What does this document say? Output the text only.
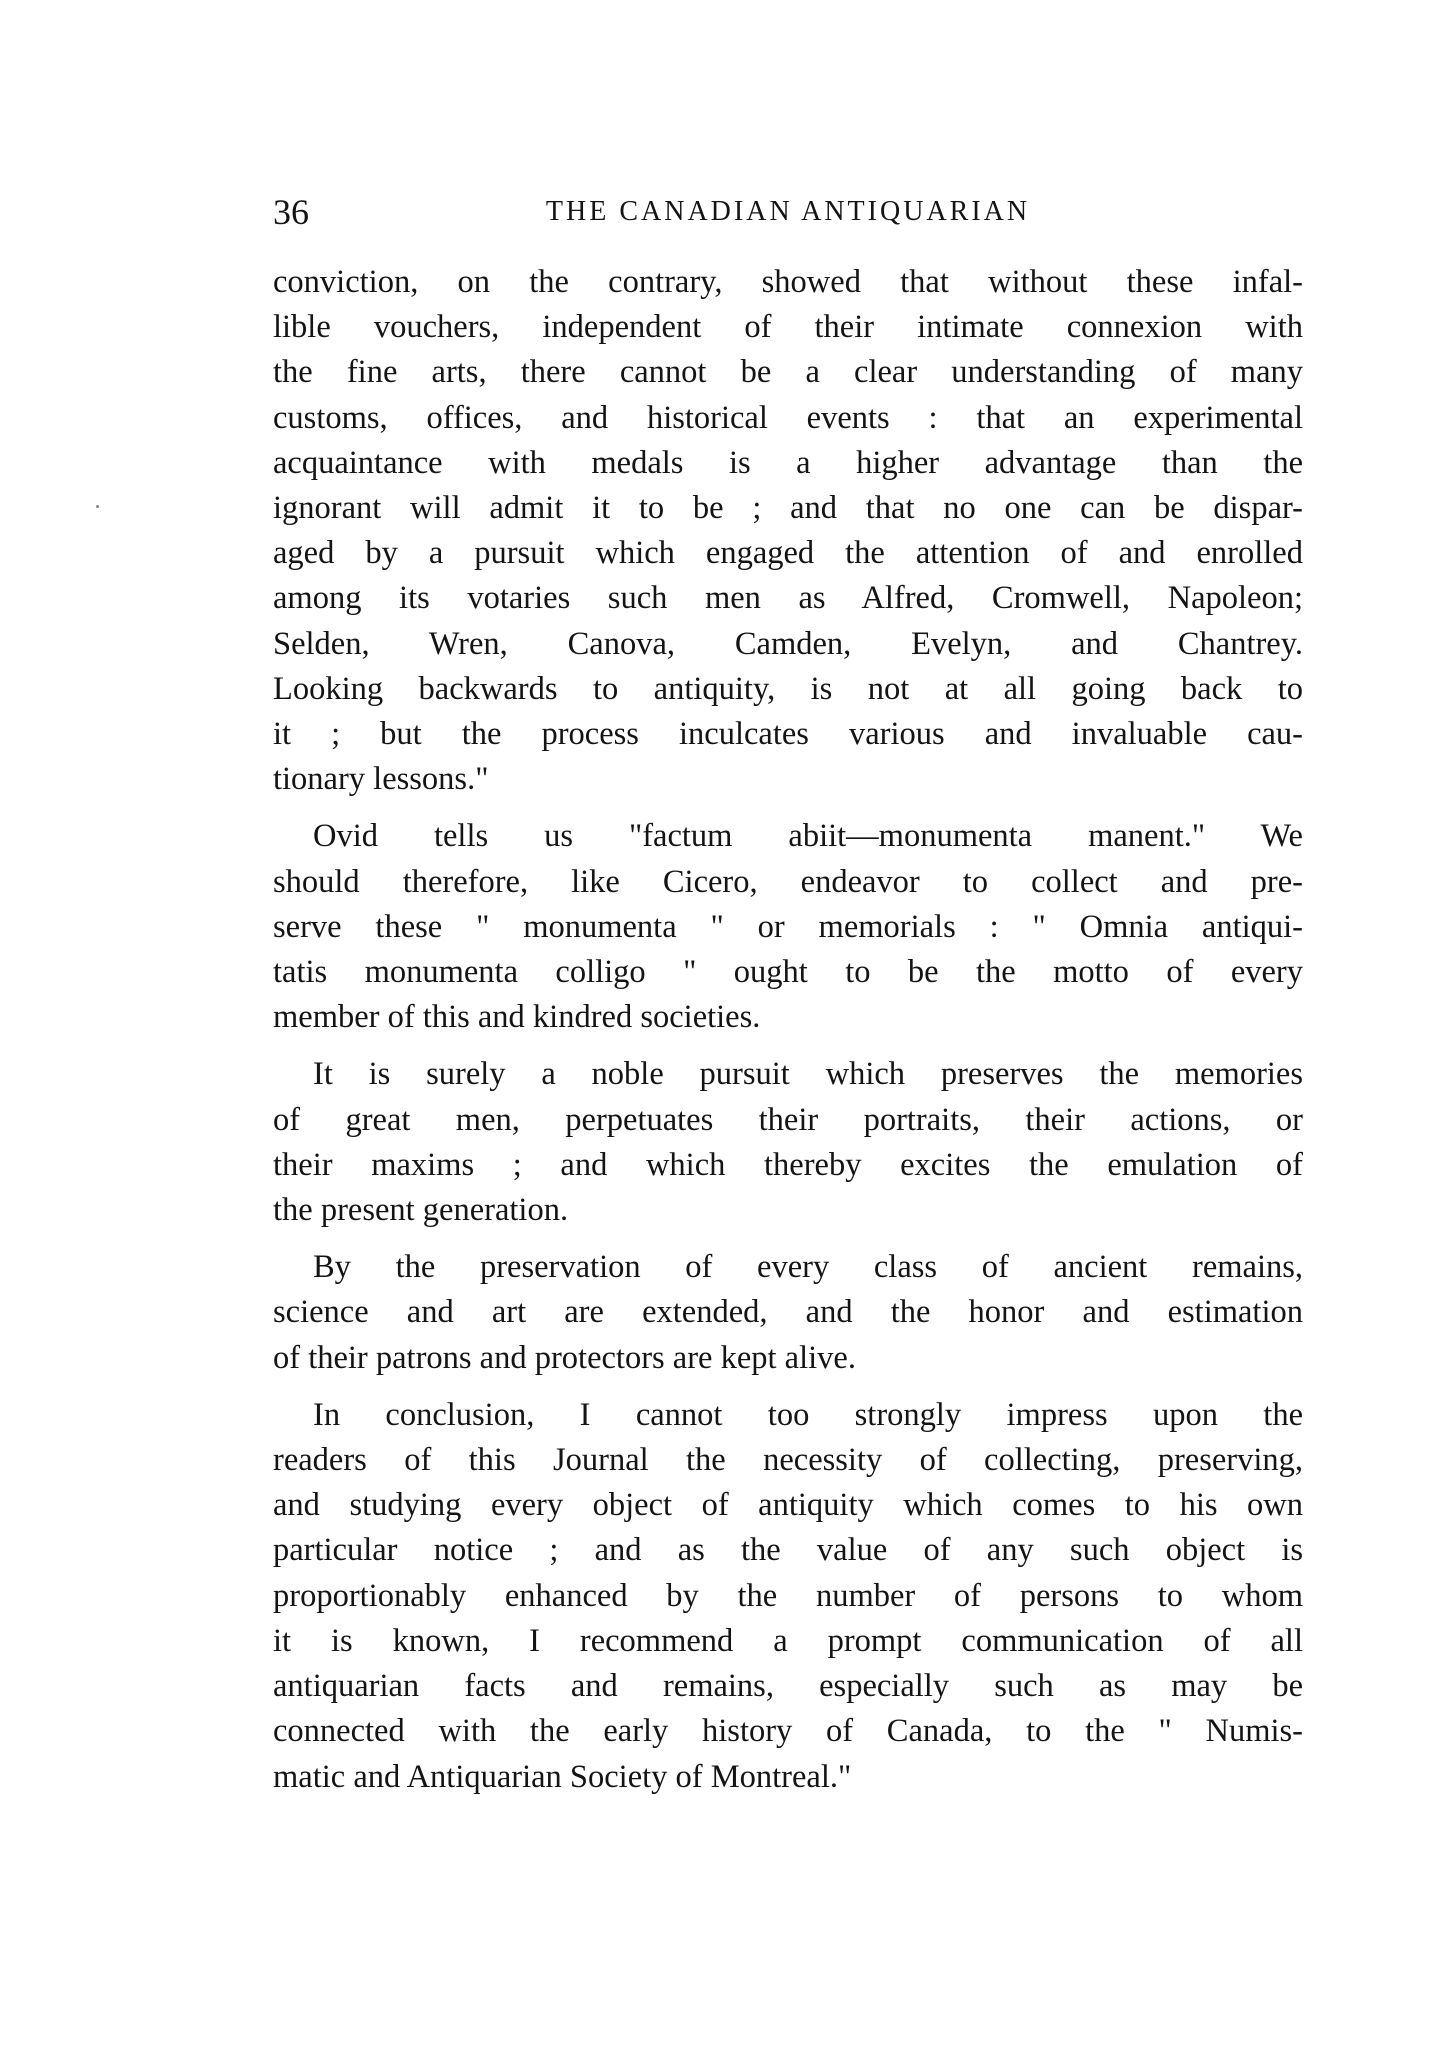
36	THE CANADIAN ANTIQUARIAN
conviction, on the contrary, showed that without these infal-
lible vouchers, independent of their intimate connexion with
the fine arts, there cannot be a clear understanding of many
customs, offices, and historical events : that an experimental
acquaintance with medals is a higher advantage than the
ignorant will admit it to be ; and that no one can be dispar-
aged by a pursuit which engaged the attention of and enrolled
among its votaries such men as Alfred, Cromwell, Napoleon;
Selden, Wren, Canova, Camden, Evelyn, and Chantrey.
Looking backwards to antiquity, is not at all going back to
it ; but the process inculcates various and invaluable cau-
tionary lessons."
Ovid tells us "factum abiit—monumenta manent." We
should therefore, like Cicero, endeavor to collect and pre-
serve these " monumenta " or memorials : " Omnia antiqui-
tatis monumenta colligo " ought to be the motto of every
member of this and kindred societies.
It is surely a noble pursuit which preserves the memories
of great men, perpetuates their portraits, their actions, or
their maxims ; and which thereby excites the emulation of
the present generation.
By the preservation of every class of ancient remains,
science and art are extended, and the honor and estimation
of their patrons and protectors are kept alive.
In conclusion, I cannot too strongly impress upon the
readers of this Journal the necessity of collecting, preserving,
and studying every object of antiquity which comes to his own
particular notice ; and as the value of any such object is
proportionably enhanced by the number of persons to whom
it is known, I recommend a prompt communication of all
antiquarian facts and remains, especially such as may be
connected with the early history of Canada, to the " Numis-
matic and Antiquarian Society of Montreal."
